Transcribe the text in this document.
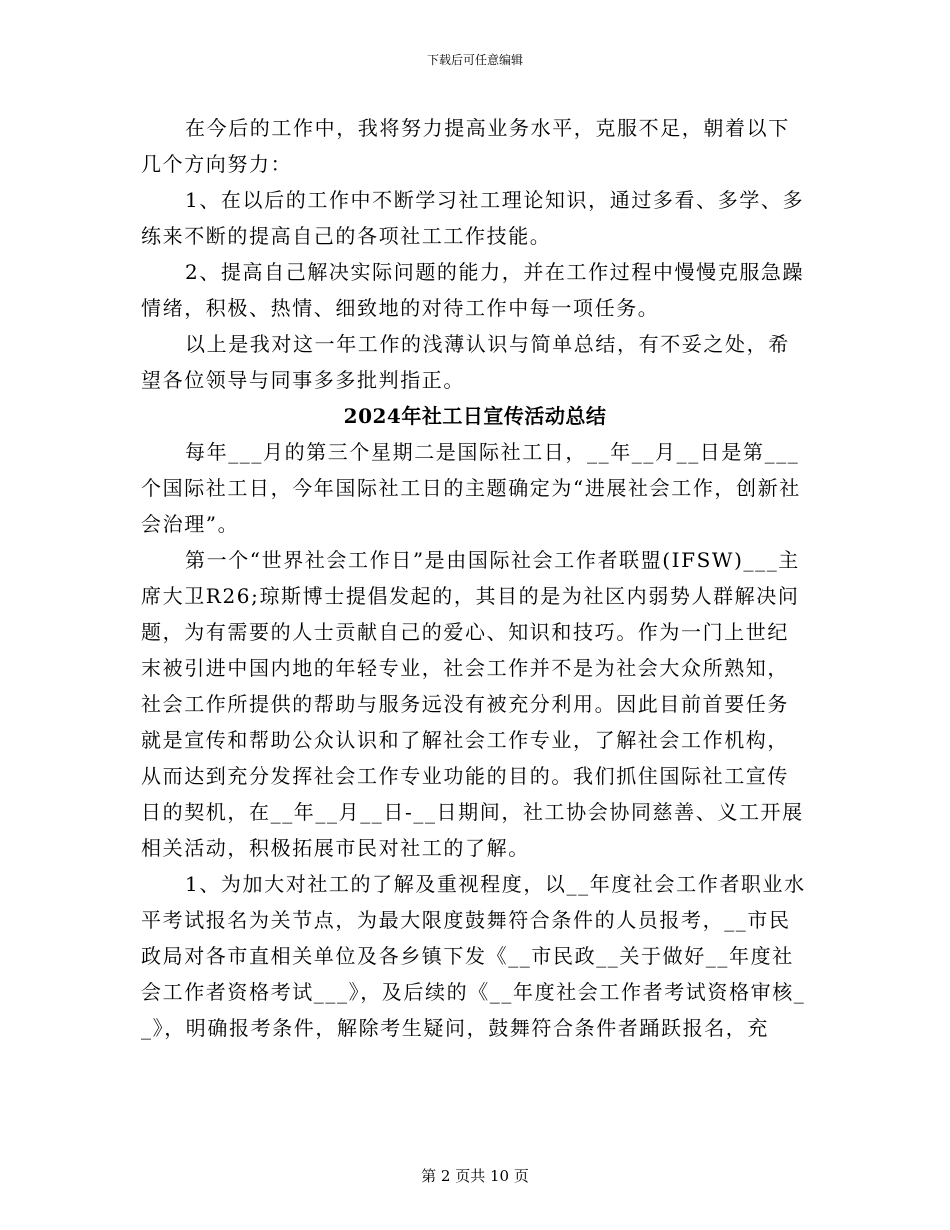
下载后可任意编辑

在今后的工作中，我将努力提高业务水平，克服不足，朝着以下几个方向努力：

1、在以后的工作中不断学习社工理论知识，通过多看、多学、多练来不断的提高自己的各项社工工作技能。

2、提高自己解决实际问题的能力，并在工作过程中慢慢克服急躁情绪，积极、热情、细致地的对待工作中每一项任务。

以上是我对这一年工作的浅薄认识与简单总结，有不妥之处，希望各位领导与同事多多批判指正。

2024年社工日宣传活动总结

每年___月的第三个星期二是国际社工日，__年__月__日是第___个国际社工日，今年国际社工日的主题确定为“进展社会工作，创新社会治理”。

第一个“世界社会工作日”是由国际社会工作者联盟(IFSW)___主席大卫R26;琼斯博士提倡发起的，其目的是为社区内弱势人群解决问题，为有需要的人士贡献自己的爱心、知识和技巧。作为一门上世纪末被引进中国内地的年轻专业，社会工作并不是为社会大众所熟知，社会工作所提供的帮助与服务远没有被充分利用。因此目前首要任务就是宣传和帮助公众认识和了解社会工作专业，了解社会工作机构，从而达到充分发挥社会工作专业功能的目的。我们抓住国际社工宣传日的契机，在__年__月__日-__日期间，社工协会协同慈善、义工开展相关活动，积极拓展市民对社工的了解。

1、为加大对社工的了解及重视程度，以__年度社会工作者职业水平考试报名为关节点，为最大限度鼓舞符合条件的人员报考，__市民政局对各市直相关单位及各乡镇下发《__市民政__关于做好__年度社会工作者资格考试___》，及后续的《__年度社会工作者考试资格审核__》，明确报考条件，解除考生疑问，鼓舞符合条件者踊跃报名，充

第 2 页共 10 页
